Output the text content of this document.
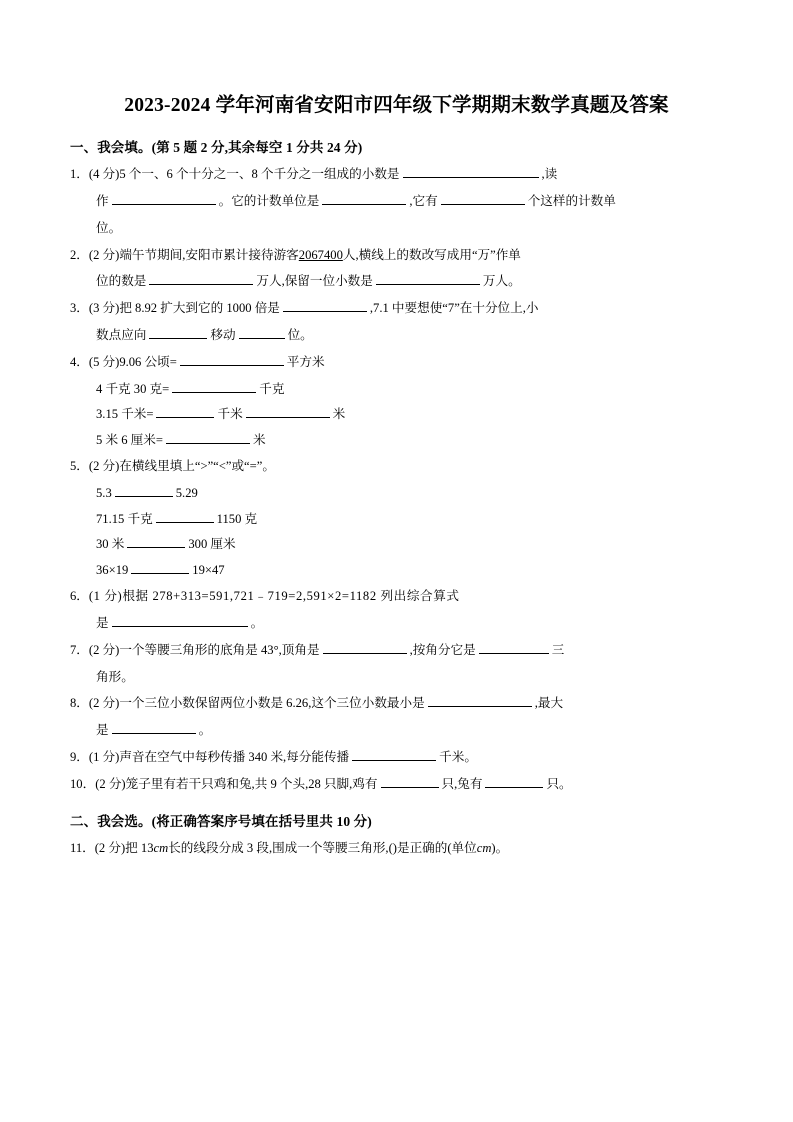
2023-2024 学年河南省安阳市四年级下学期期末数学真题及答案
一、我会填。(第 5 题 2 分,其余每空 1 分共 24 分)
1．(4 分)5 个一、6 个十分之一、8 个千分之一组成的小数是	,读
作	。它的计数单位是	,它有	个这样的计数单
位。
2．(2 分)端午节期间,安阳市累计接待游客2067400人,横线上的数改写成用“万”作单
位的数是	万人,保留一位小数是	万人。
3．(3 分)把 8.92 扩大到它的 1000 倍是	,7.1 中要想使“7”在十分位上,小
数点应向	移动	位。
4．(5 分)9.06 公顷=	平方米
4 千克 30 克=	千克
3.15 千米=	千米	米
5 米 6 厘米=	米
5．(2 分)在横线里填上“>”“<”或“=”。
5.3	5.29
71.15 千克	1150 克
30 米	300 厘米
36×19	19×47
6．(1 分)根据 278+313=591,721﹣719=2,591×2=1182 列出综合算式
是	。
7．(2 分)一个等腰三角形的底角是 43°,顶角是	,按角分它是	三
角形。
8．(2 分)一个三位小数保留两位小数是 6.26,这个三位小数最小是	,最大
是	。
9．(1 分)声音在空气中每秒传播 340 米,每分能传播	千米。
10．(2 分)笼子里有若干只鸡和兔,共 9 个头,28 只脚,鸡有	只,兔有	只。
二、我会选。(将正确答案序号填在括号里共 10 分)
11．(2 分)把 13cm长的线段分成 3 段,围成一个等腰三角形,()是正确的(单位cm)。
